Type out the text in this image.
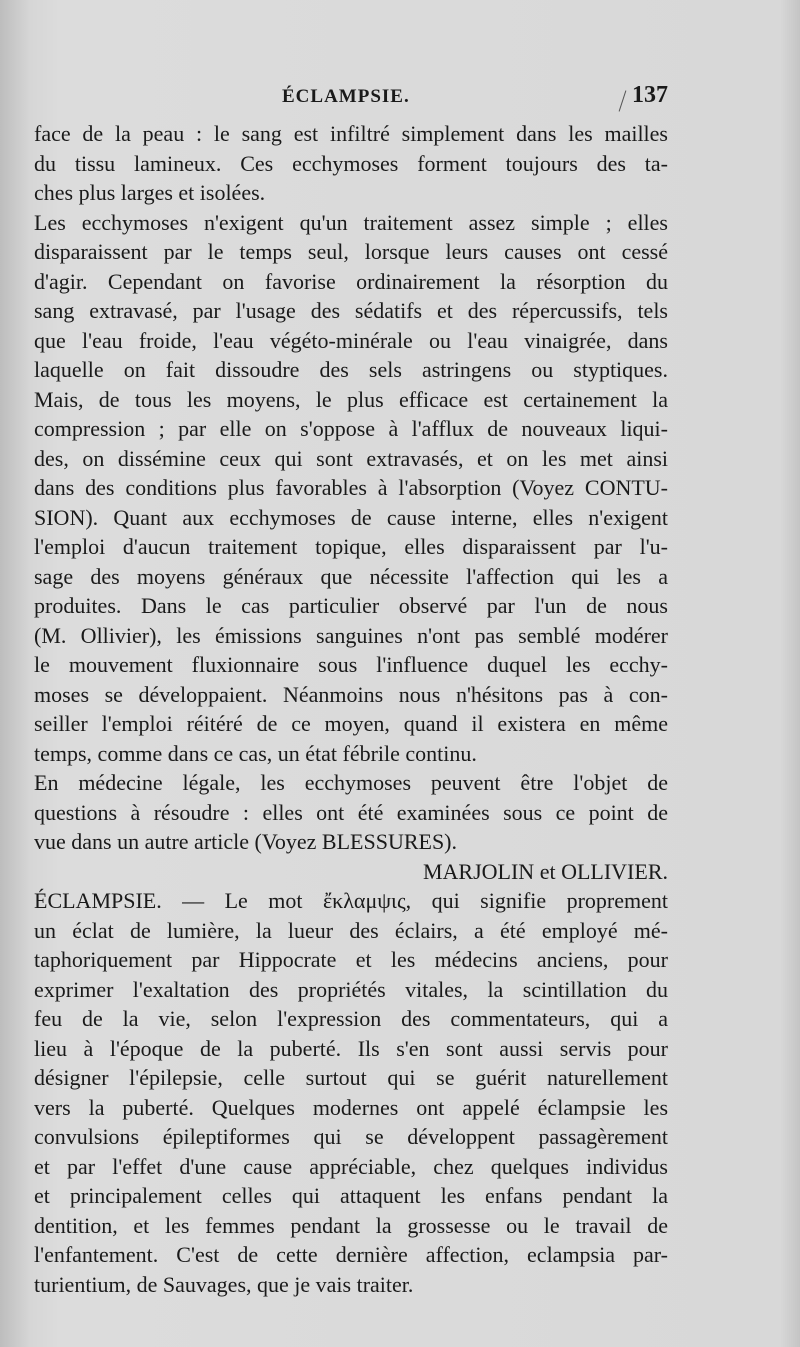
ÉCLAMPSIE.	137
face de la peau : le sang est infiltré simplement dans les mailles
du tissu lamineux. Ces ecchymoses forment toujours des ta-
ches plus larges et isolées.
Les ecchymoses n'exigent qu'un traitement assez simple ; elles
disparaissent par le temps seul, lorsque leurs causes ont cessé
d'agir. Cependant on favorise ordinairement la résorption du
sang extravasé, par l'usage des sédatifs et des répercussifs, tels
que l'eau froide, l'eau végéto-minérale ou l'eau vinaigrée, dans
laquelle on fait dissoudre des sels astringens ou styptiques.
Mais, de tous les moyens, le plus efficace est certainement la
compression ; par elle on s'oppose à l'afflux de nouveaux liqui-
des, on dissémine ceux qui sont extravasés, et on les met ainsi
dans des conditions plus favorables à l'absorption (Voyez CONTU-
SION). Quant aux ecchymoses de cause interne, elles n'exigent
l'emploi d'aucun traitement topique, elles disparaissent par l'u-
sage des moyens généraux que nécessite l'affection qui les a
produites. Dans le cas particulier observé par l'un de nous
(M. Ollivier), les émissions sanguines n'ont pas semblé modérer
le mouvement fluxionnaire sous l'influence duquel les ecchy-
moses se développaient. Néanmoins nous n'hésitons pas à con-
seiller l'emploi réitéré de ce moyen, quand il existera en même
temps, comme dans ce cas, un état fébrile continu.
En médecine légale, les ecchymoses peuvent être l'objet de
questions à résoudre : elles ont été examinées sous ce point de
vue dans un autre article (Voyez BLESSURES).
MARJOLIN et OLLIVIER.
ÉCLAMPSIE. — Le mot ἔκλαμψις, qui signifie proprement
un éclat de lumière, la lueur des éclairs, a été employé mé-
taphoriquement par Hippocrate et les médecins anciens, pour
exprimer l'exaltation des propriétés vitales, la scintillation du
feu de la vie, selon l'expression des commentateurs, qui a
lieu à l'époque de la puberté. Ils s'en sont aussi servis pour
désigner l'épilepsie, celle surtout qui se guérit naturellement
vers la puberté. Quelques modernes ont appelé éclampsie les
convulsions épileptiformes qui se développent passagèrement
et par l'effet d'une cause appréciable, chez quelques individus
et principalement celles qui attaquent les enfans pendant la
dentition, et les femmes pendant la grossesse ou le travail de
l'enfantement. C'est de cette dernière affection, eclampsia par-
turientium, de Sauvages, que je vais traiter.
